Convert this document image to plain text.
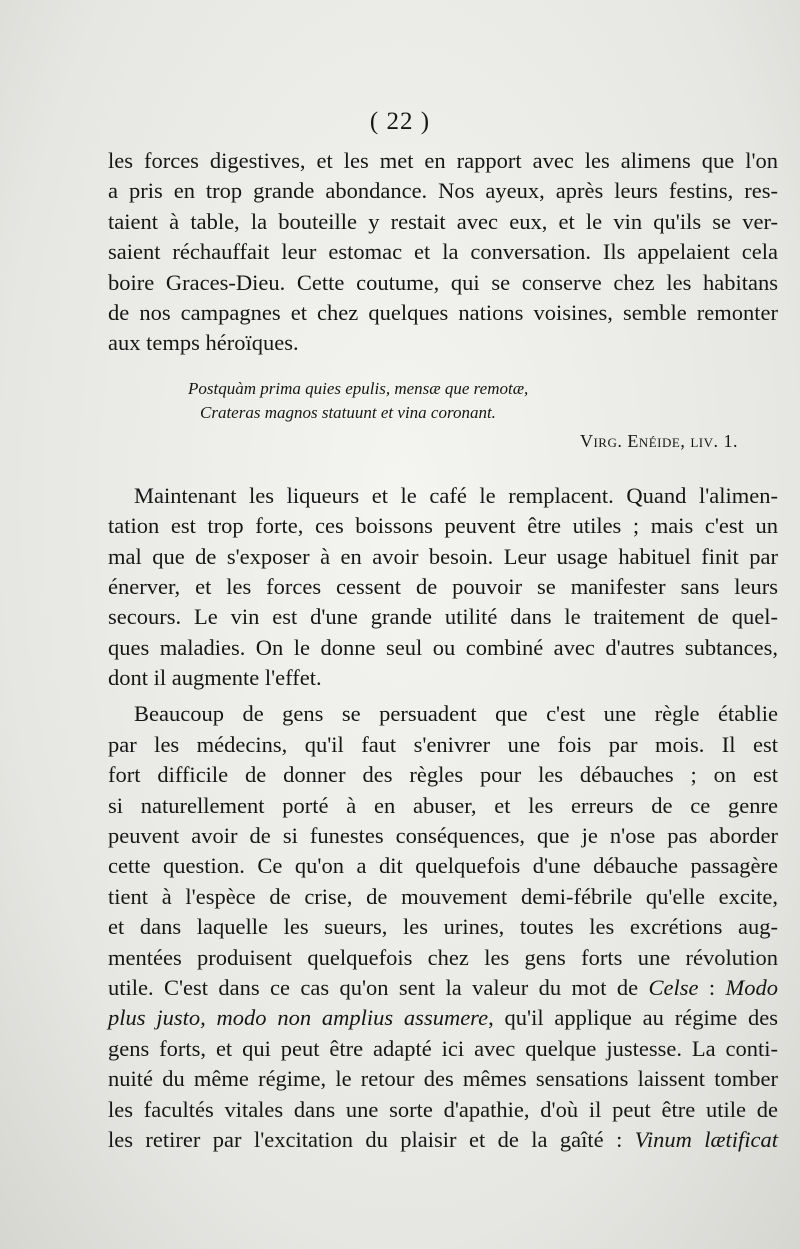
( 22 )
les forces digestives, et les met en rapport avec les alimens que l'on
a pris en trop grande abondance. Nos ayeux, après leurs festins, res-
taient à table, la bouteille y restait avec eux, et le vin qu'ils se ver-
saient réchauffait leur estomac et la conversation. Ils appelaient cela
boire Graces-Dieu. Cette coutume, qui se conserve chez les habitans
de nos campagnes et chez quelques nations voisines, semble remonter
aux temps héroïques.
Postquàm prima quies epulis, mensæ que remotæ,
Crateras magnos statuunt et vina coronant.
Virg. Enéide, liv. 1.
Maintenant les liqueurs et le café le remplacent. Quand l'alimen-
tation est trop forte, ces boissons peuvent être utiles ; mais c'est un
mal que de s'exposer à en avoir besoin. Leur usage habituel finit par
énerver, et les forces cessent de pouvoir se manifester sans leurs
secours. Le vin est d'une grande utilité dans le traitement de quel-
ques maladies. On le donne seul ou combiné avec d'autres subtances,
dont il augmente l'effet.
Beaucoup de gens se persuadent que c'est une règle établie
par les médecins, qu'il faut s'enivrer une fois par mois. Il est
fort difficile de donner des règles pour les débauches ; on est
si naturellement porté à en abuser, et les erreurs de ce genre
peuvent avoir de si funestes conséquences, que je n'ose pas aborder
cette question. Ce qu'on a dit quelquefois d'une débauche passagère
tient à l'espèce de crise, de mouvement demi-fébrile qu'elle excite,
et dans laquelle les sueurs, les urines, toutes les excrétions aug-
mentées produisent quelquefois chez les gens forts une révolution
utile. C'est dans ce cas qu'on sent la valeur du mot de Celse : Modo
plus justo, modo non amplius assumere, qu'il applique au régime des
gens forts, et qui peut être adapté ici avec quelque justesse. La conti-
nuité du même régime, le retour des mêmes sensations laissent tomber
les facultés vitales dans une sorte d'apathie, d'où il peut être utile de
les retirer par l'excitation du plaisir et de la gaîté : Vinum lætificat
